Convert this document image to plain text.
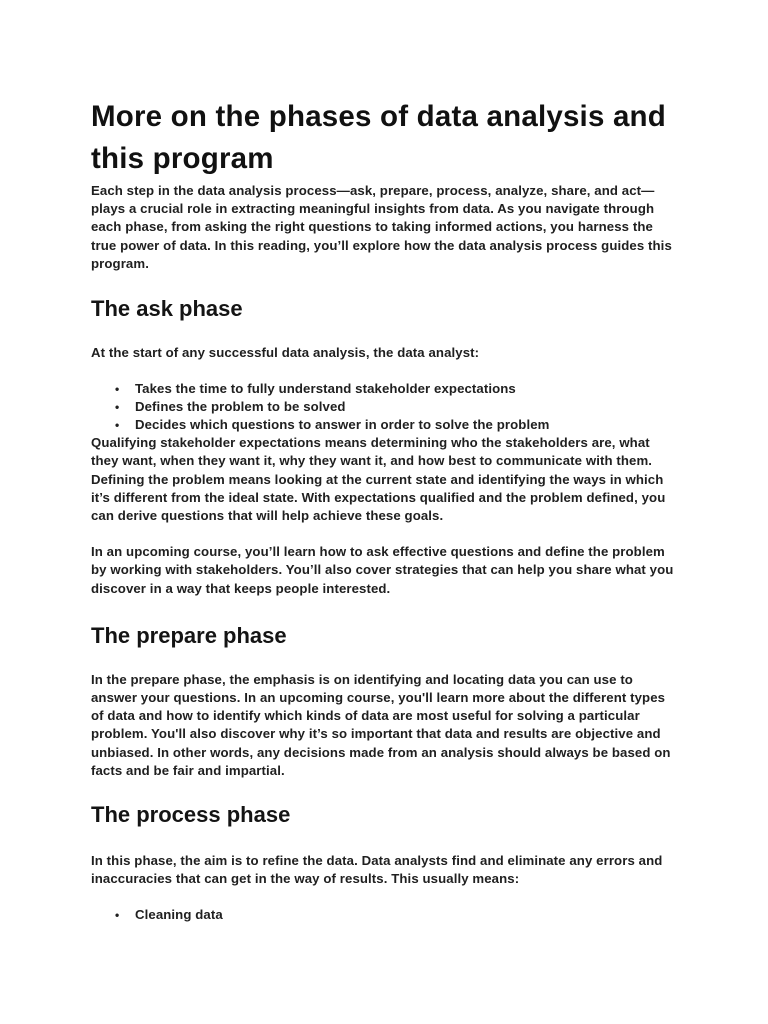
More on the phases of data analysis and this program

Each step in the data analysis process—ask, prepare, process, analyze, share, and act—plays a crucial role in extracting meaningful insights from data. As you navigate through each phase, from asking the right questions to taking informed actions, you harness the true power of data. In this reading, you’ll explore how the data analysis process guides this program.

The ask phase

At the start of any successful data analysis, the data analyst:

• Takes the time to fully understand stakeholder expectations
• Defines the problem to be solved
• Decides which questions to answer in order to solve the problem

Qualifying stakeholder expectations means determining who the stakeholders are, what they want, when they want it, why they want it, and how best to communicate with them. Defining the problem means looking at the current state and identifying the ways in which it’s different from the ideal state. With expectations qualified and the problem defined, you can derive questions that will help achieve these goals.

In an upcoming course, you’ll learn how to ask effective questions and define the problem by working with stakeholders. You’ll also cover strategies that can help you share what you discover in a way that keeps people interested.

The prepare phase

In the prepare phase, the emphasis is on identifying and locating data you can use to answer your questions. In an upcoming course, you'll learn more about the different types of data and how to identify which kinds of data are most useful for solving a particular problem. You'll also discover why it’s so important that data and results are objective and unbiased. In other words, any decisions made from an analysis should always be based on facts and be fair and impartial.

The process phase

In this phase, the aim is to refine the data. Data analysts find and eliminate any errors and inaccuracies that can get in the way of results. This usually means:

• Cleaning data
